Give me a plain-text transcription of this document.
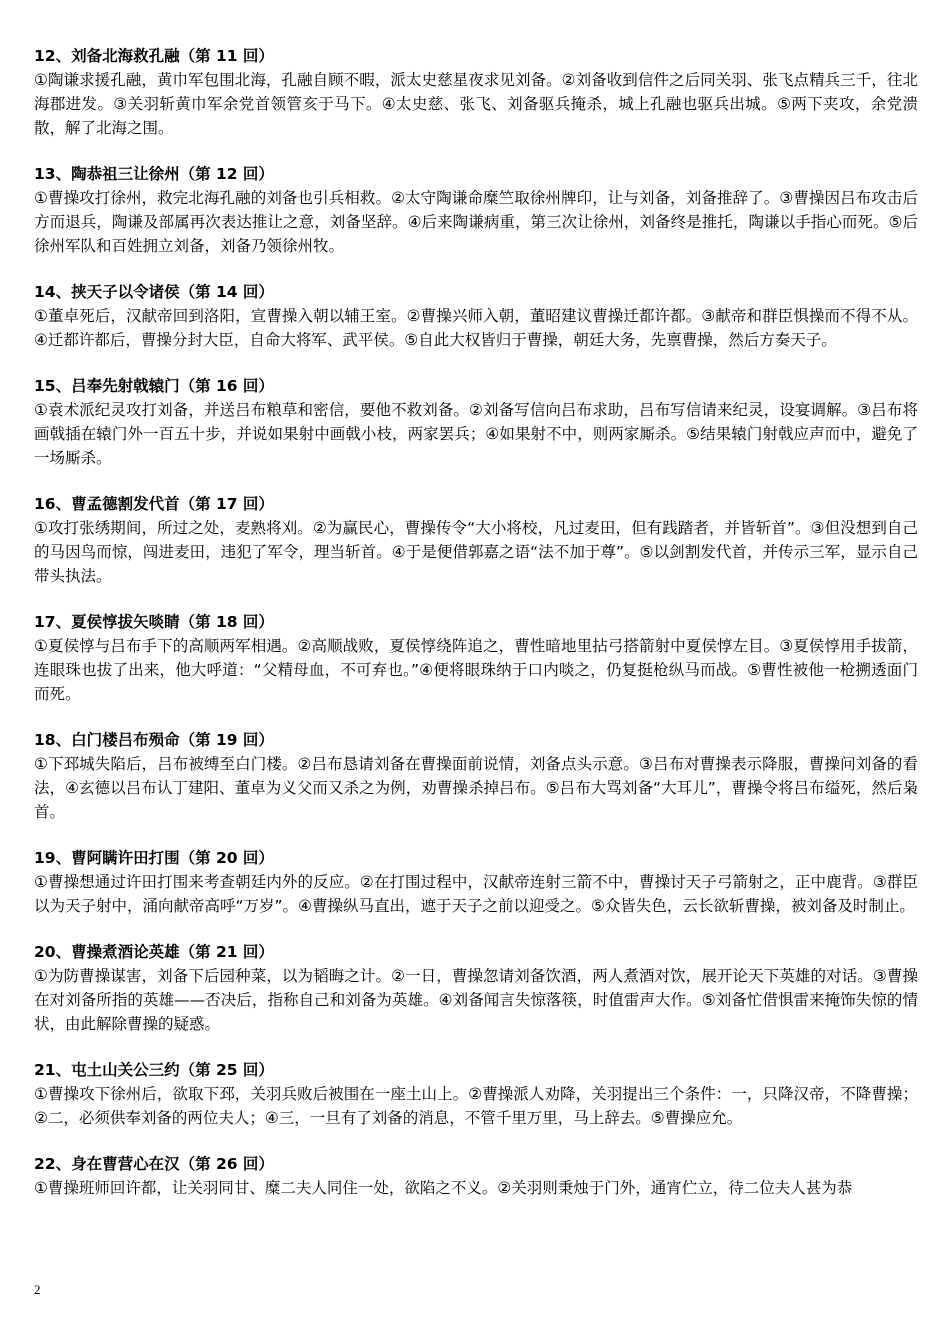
12、刘备北海救孔融（第 11 回）

①陶谦求援孔融，黄巾军包围北海，孔融自顾不暇，派太史慈星夜求见刘备。②刘备收到信件之后同关羽、张飞点精兵三千，往北海郡进发。③关羽斩黄巾军余党首领管亥于马下。④太史慈、张飞、刘备驱兵掩杀，城上孔融也驱兵出城。⑤两下夹攻，余党溃散，解了北海之围。

13、陶恭祖三让徐州（第 12 回）

①曹操攻打徐州，救完北海孔融的刘备也引兵相救。②太守陶谦命糜竺取徐州牌印，让与刘备，刘备推辞了。③曹操因吕布攻击后方而退兵，陶谦及部属再次表达推让之意，刘备坚辞。④后来陶谦病重，第三次让徐州，刘备终是推托，陶谦以手指心而死。⑤后徐州军队和百姓拥立刘备，刘备乃领徐州牧。

14、挟天子以令诸侯（第 14 回）

①董卓死后，汉献帝回到洛阳，宣曹操入朝以辅王室。②曹操兴师入朝，董昭建议曹操迁都许都。③献帝和群臣惧操而不得不从。④迁都许都后，曹操分封大臣，自命大将军、武平侯。⑤自此大权皆归于曹操，朝廷大务，先禀曹操，然后方奏天子。

15、吕奉先射戟辕门（第 16 回）

①袁术派纪灵攻打刘备，并送吕布粮草和密信，要他不救刘备。②刘备写信向吕布求助，吕布写信请来纪灵，设宴调解。③吕布将画戟插在辕门外一百五十步，并说如果射中画戟小枝，两家罢兵；④如果射不中，则两家厮杀。⑤结果辕门射戟应声而中，避免了一场厮杀。

16、曹孟德割发代首（第 17 回）

①攻打张绣期间，所过之处，麦熟将刈。②为赢民心，曹操传令“大小将校，凡过麦田，但有践踏者，并皆斩首”。③但没想到自己的马因鸟而惊，闯进麦田，违犯了军令，理当斩首。④于是便借郭嘉之语“法不加于尊”。⑤以剑割发代首，并传示三军，显示自己带头执法。

17、夏侯惇拔矢啖睛（第 18 回）

①夏侯惇与吕布手下的高顺两军相遇。②高顺战败，夏侯惇绕阵追之，曹性暗地里拈弓搭箭射中夏侯惇左目。③夏侯惇用手拔箭，连眼珠也拔了出来，他大呼道：“父精母血，不可弃也。”④便将眼珠纳于口内啖之，仍复挺枪纵马而战。⑤曹性被他一枪搠透面门而死。

18、白门楼吕布殒命（第 19 回）

①下邳城失陷后，吕布被缚至白门楼。②吕布恳请刘备在曹操面前说情，刘备点头示意。③吕布对曹操表示降服，曹操问刘备的看法，④玄德以吕布认丁建阳、董卓为义父而又杀之为例，劝曹操杀掉吕布。⑤吕布大骂刘备“大耳儿”，曹操令将吕布缢死，然后枭首。

19、曹阿瞒许田打围（第 20 回）

①曹操想通过许田打围来考查朝廷内外的反应。②在打围过程中，汉献帝连射三箭不中，曹操讨天子弓箭射之，正中鹿背。③群臣以为天子射中，涌向献帝高呼“万岁”。④曹操纵马直出，遮于天子之前以迎受之。⑤众皆失色，云长欲斩曹操，被刘备及时制止。

20、曹操煮酒论英雄（第 21 回）

①为防曹操谋害，刘备下后园种菜，以为韬晦之计。②一日，曹操忽请刘备饮酒，两人煮酒对饮，展开论天下英雄的对话。③曹操在对刘备所指的英雄——否决后，指称自己和刘备为英雄。④刘备闻言失惊落筷，时值雷声大作。⑤刘备忙借惧雷来掩饰失惊的情状，由此解除曹操的疑惑。

21、屯土山关公三约（第 25 回）

①曹操攻下徐州后，欲取下邳，关羽兵败后被围在一座土山上。②曹操派人劝降，关羽提出三个条件：一，只降汉帝，不降曹操；②二，必须供奉刘备的两位夫人；④三，一旦有了刘备的消息，不管千里万里，马上辞去。⑤曹操应允。

22、身在曹营心在汉（第 26 回）

①曹操班师回许都，让关羽同甘、糜二夫人同住一处，欲陷之不义。②关羽则秉烛于门外，通宵伫立，待二位夫人甚为恭

2
